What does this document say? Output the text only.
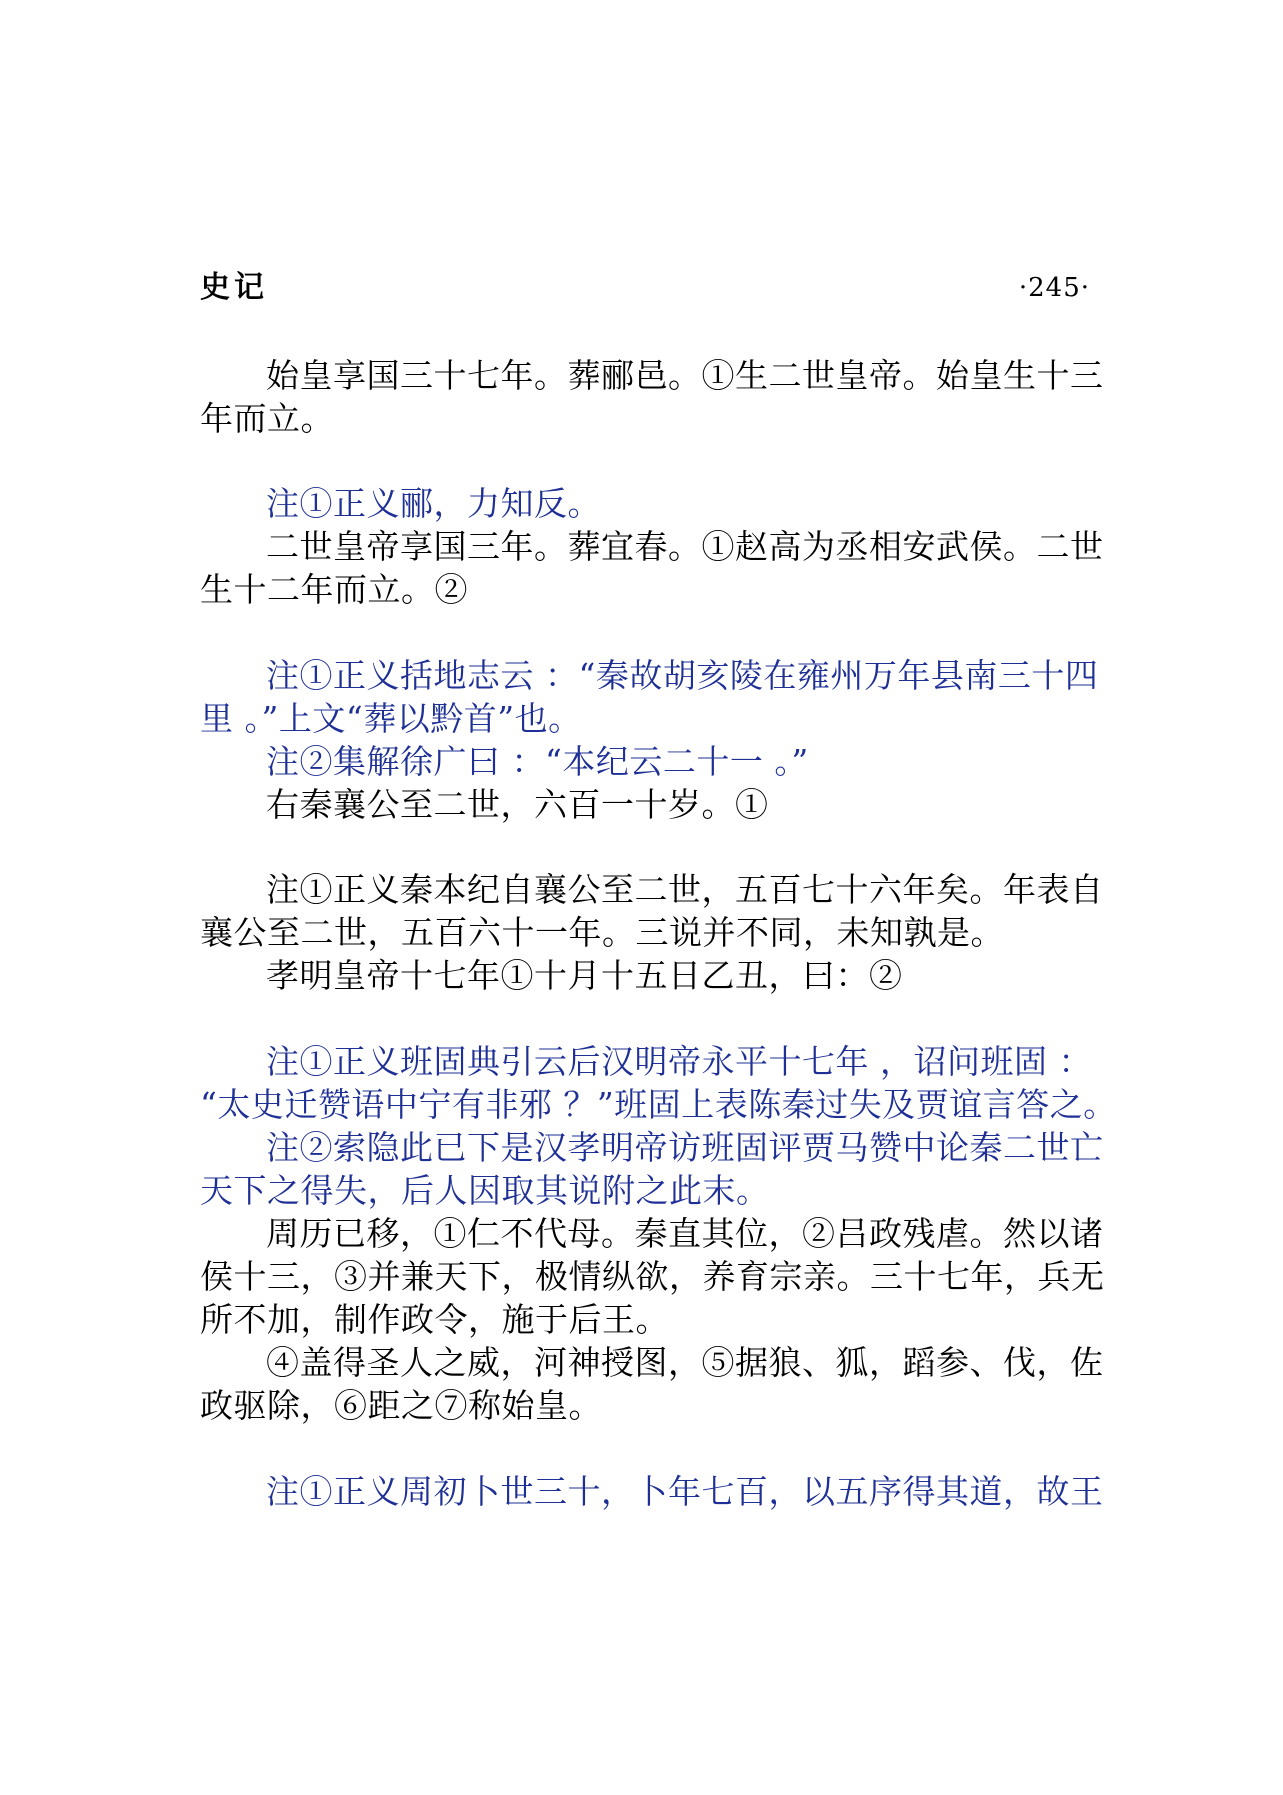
史记	·245·
始皇享国三十七年。葬郦邑。①生二世皇帝。始皇生十三
年而立。
注①正义郦，力知反。
二世皇帝享国三年。葬宜春。①赵高为丞相安武侯。二世
生十二年而立。②
注①正义括地志云 ：“秦故胡亥陵在雍州万年县南三十四
里 。”上文“葬以黔首”也。
注②集解徐广曰 ：“本纪云二十一 。”
右秦襄公至二世，六百一十岁。①
注①正义秦本纪自襄公至二世，五百七十六年矣。年表自
襄公至二世，五百六十一年。三说并不同，未知孰是。
孝明皇帝十七年①十月十五日乙丑，曰：②
注①正义班固典引云后汉明帝永平十七年 ，诏问班固 ：
“太史迁赞语中宁有非邪 ？”班固上表陈秦过失及贾谊言答之。
注②索隐此已下是汉孝明帝访班固评贾马赞中论秦二世亡
天下之得失，后人因取其说附之此末。
周历已移，①仁不代母。秦直其位，②吕政残虐。然以诸
侯十三，③并兼天下，极情纵欲，养育宗亲。三十七年，兵无
所不加，制作政令，施于后王。
④盖得圣人之威，河神授图，⑤据狼、狐，蹈参、伐，佐
政驱除，⑥距之⑦称始皇。
注①正义周初卜世三十，卜年七百，以五序得其道，故王
